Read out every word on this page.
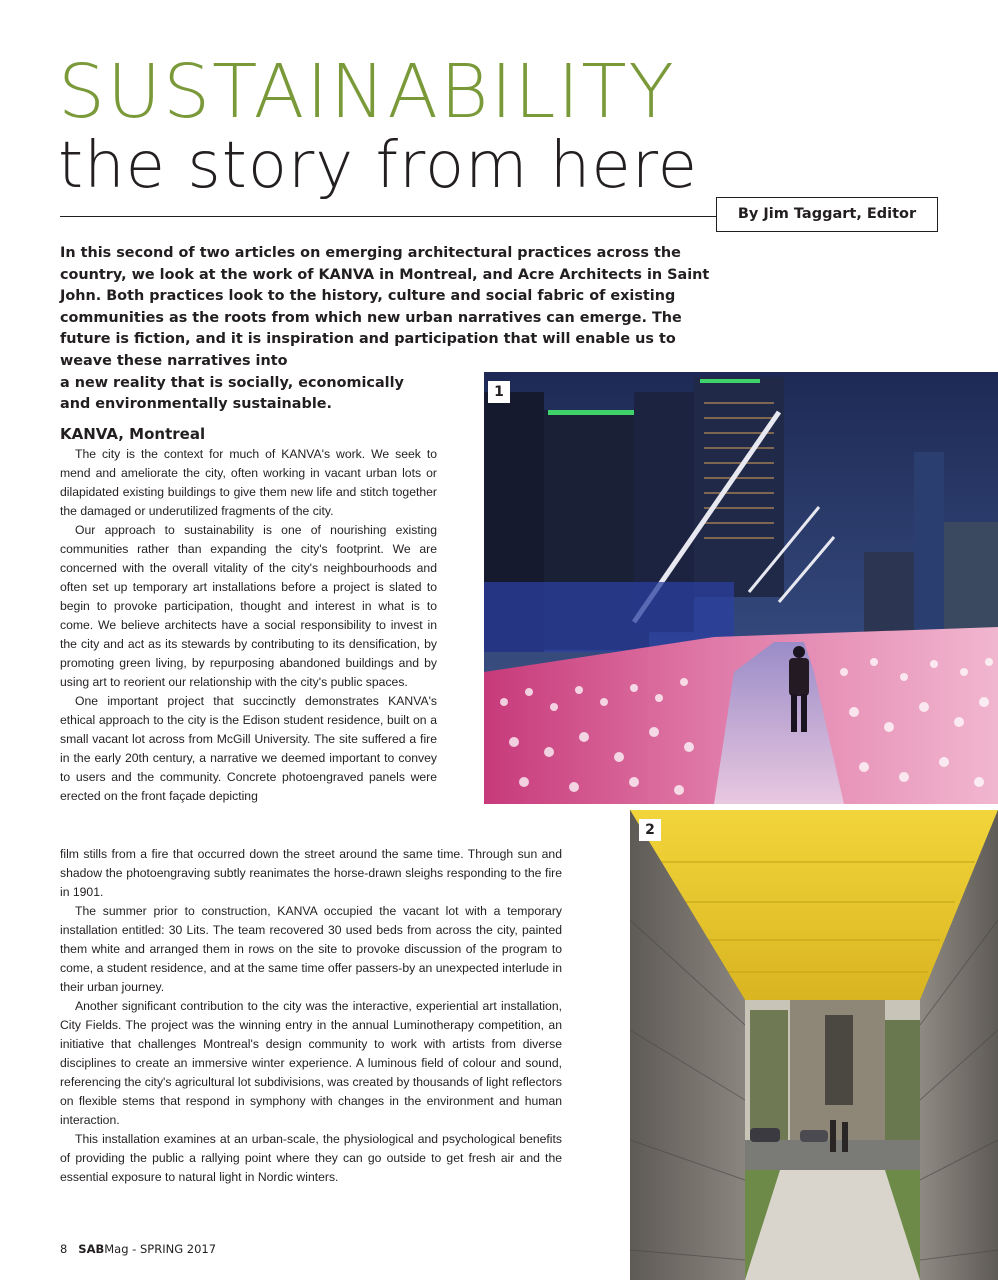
SUSTAINABILITY
the story from here
By Jim Taggart, Editor

In this second of two articles on emerging architectural practices across the country, we look at the work of KANVA in Montreal, and Acre Architects in Saint John. Both practices look to the history, culture and social fabric of existing communities as the roots from which new urban narratives can emerge. The future is fiction, and it is inspiration and participation that will enable us to weave these narratives into

a new reality that is socially, economically and environmentally sustainable.

KANVA, Montreal

The city is the context for much of KANVA's work. We seek to mend and ameliorate the city, often working in vacant urban lots or dilapidated existing buildings to give them new life and stitch together the damaged or underutilized fragments of the city.

Our approach to sustainability is one of nourishing existing communities rather than expanding the city's footprint. We are concerned with the overall vitality of the city's neighbourhoods and often set up temporary art installations before a project is slated to begin to provoke participation, thought and interest in what is to come. We believe architects have a social responsibility to invest in the city and act as its stewards by contributing to its densification, by promoting green living, by repurposing abandoned buildings and by using art to reorient our relationship with the city's public spaces.

One important project that succinctly demonstrates KANVA's ethical approach to the city is the Edison student residence, built on a small vacant lot across from McGill University. The site suffered a fire in the early 20th century, a narrative we deemed important to convey to users and the community. Concrete photoengraved panels were erected on the front façade depicting

film stills from a fire that occurred down the street around the same time. Through sun and shadow the photoengraving subtly reanimates the horse-drawn sleighs responding to the fire in 1901.

The summer prior to construction, KANVA occupied the vacant lot with a temporary installation entitled: 30 Lits. The team recovered 30 used beds from across the city, painted them white and arranged them in rows on the site to provoke discussion of the program to come, a student residence, and at the same time offer passers-by an unexpected interlude in their urban journey.

Another significant contribution to the city was the interactive, experiential art installation, City Fields. The project was the winning entry in the annual Luminotherapy competition, an initiative that challenges Montreal's design community to work with artists from diverse disciplines to create an immersive winter experience. A luminous field of colour and sound, referencing the city's agricultural lot subdivisions, was created by thousands of light reflectors on flexible stems that respond in symphony with changes in the environment and human interaction.

This installation examines at an urban-scale, the physiological and psychological benefits of providing the public a rallying point where they can go outside to get fresh air and the essential exposure to natural light in Nordic winters.

1
2
8 SABMag - SPRING 2017
